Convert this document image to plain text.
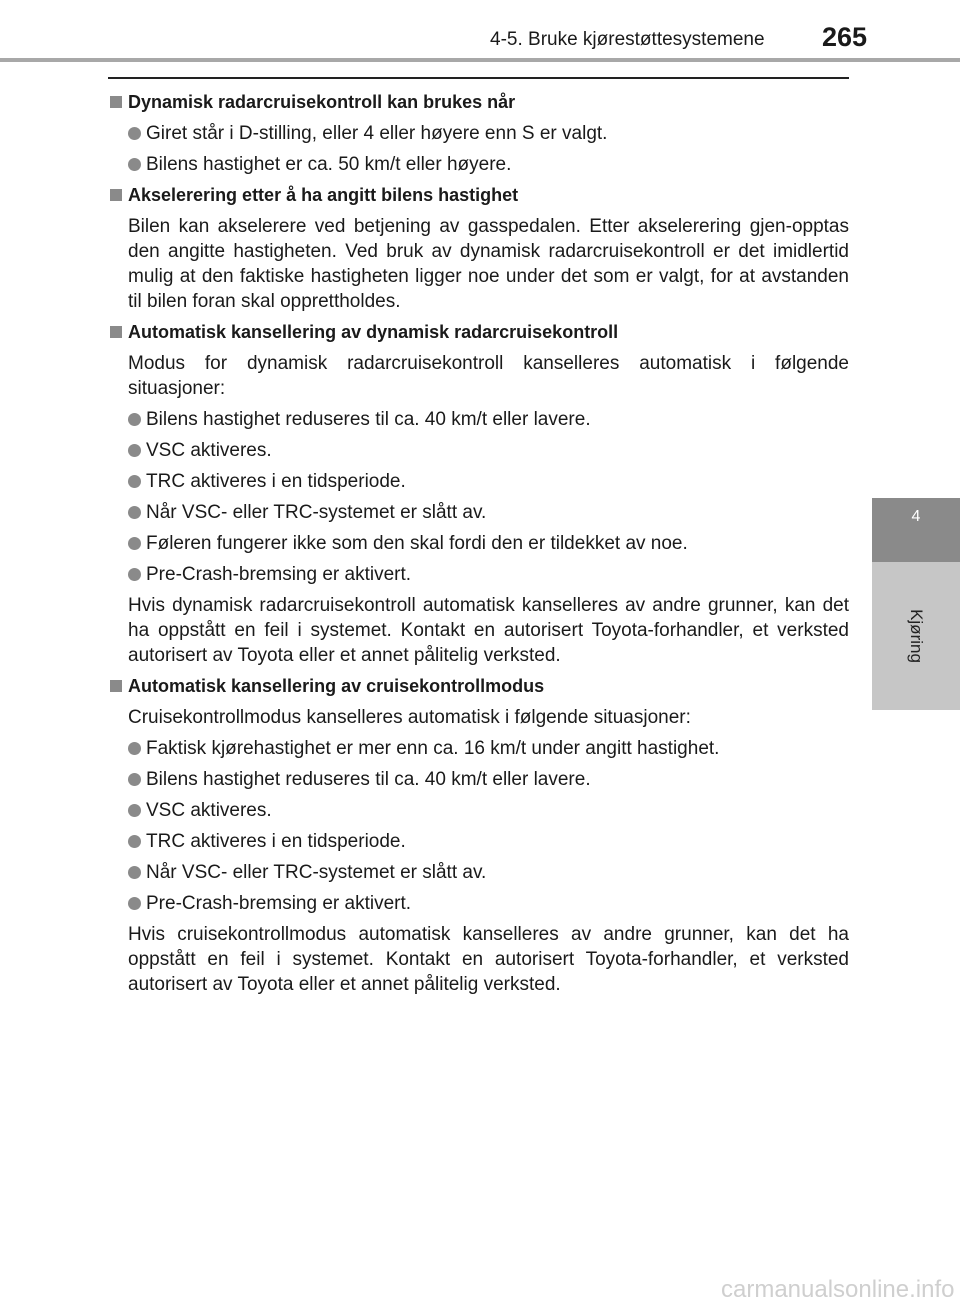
4-5. Bruke kjørestøttesystemene 265
4
Kjøring
Dynamisk radarcruisekontroll kan brukes når
Giret står i D-stilling, eller 4 eller høyere enn S er valgt.
Bilens hastighet er ca. 50 km/t eller høyere.
Akselerering etter å ha angitt bilens hastighet
Bilen kan akselerere ved betjening av gasspedalen. Etter akselerering gjen-opptas den angitte hastigheten. Ved bruk av dynamisk radarcruisekontroll er det imidlertid mulig at den faktiske hastigheten ligger noe under det som er valgt, for at avstanden til bilen foran skal opprettholdes.
Automatisk kansellering av dynamisk radarcruisekontroll
Modus for dynamisk radarcruisekontroll kanselleres automatisk i følgende situasjoner:
Bilens hastighet reduseres til ca. 40 km/t eller lavere.
VSC aktiveres.
TRC aktiveres i en tidsperiode.
Når VSC- eller TRC-systemet er slått av.
Føleren fungerer ikke som den skal fordi den er tildekket av noe.
Pre-Crash-bremsing er aktivert.
Hvis dynamisk radarcruisekontroll automatisk kanselleres av andre grunner, kan det ha oppstått en feil i systemet. Kontakt en autorisert Toyota-forhandler, et verksted autorisert av Toyota eller et annet pålitelig verksted.
Automatisk kansellering av cruisekontrollmodus
Cruisekontrollmodus kanselleres automatisk i følgende situasjoner:
Faktisk kjørehastighet er mer enn ca. 16 km/t under angitt hastighet.
Bilens hastighet reduseres til ca. 40 km/t eller lavere.
VSC aktiveres.
TRC aktiveres i en tidsperiode.
Når VSC- eller TRC-systemet er slått av.
Pre-Crash-bremsing er aktivert.
Hvis cruisekontrollmodus automatisk kanselleres av andre grunner, kan det ha oppstått en feil i systemet. Kontakt en autorisert Toyota-forhandler, et verksted autorisert av Toyota eller et annet pålitelig verksted.
carmanualsonline.info
